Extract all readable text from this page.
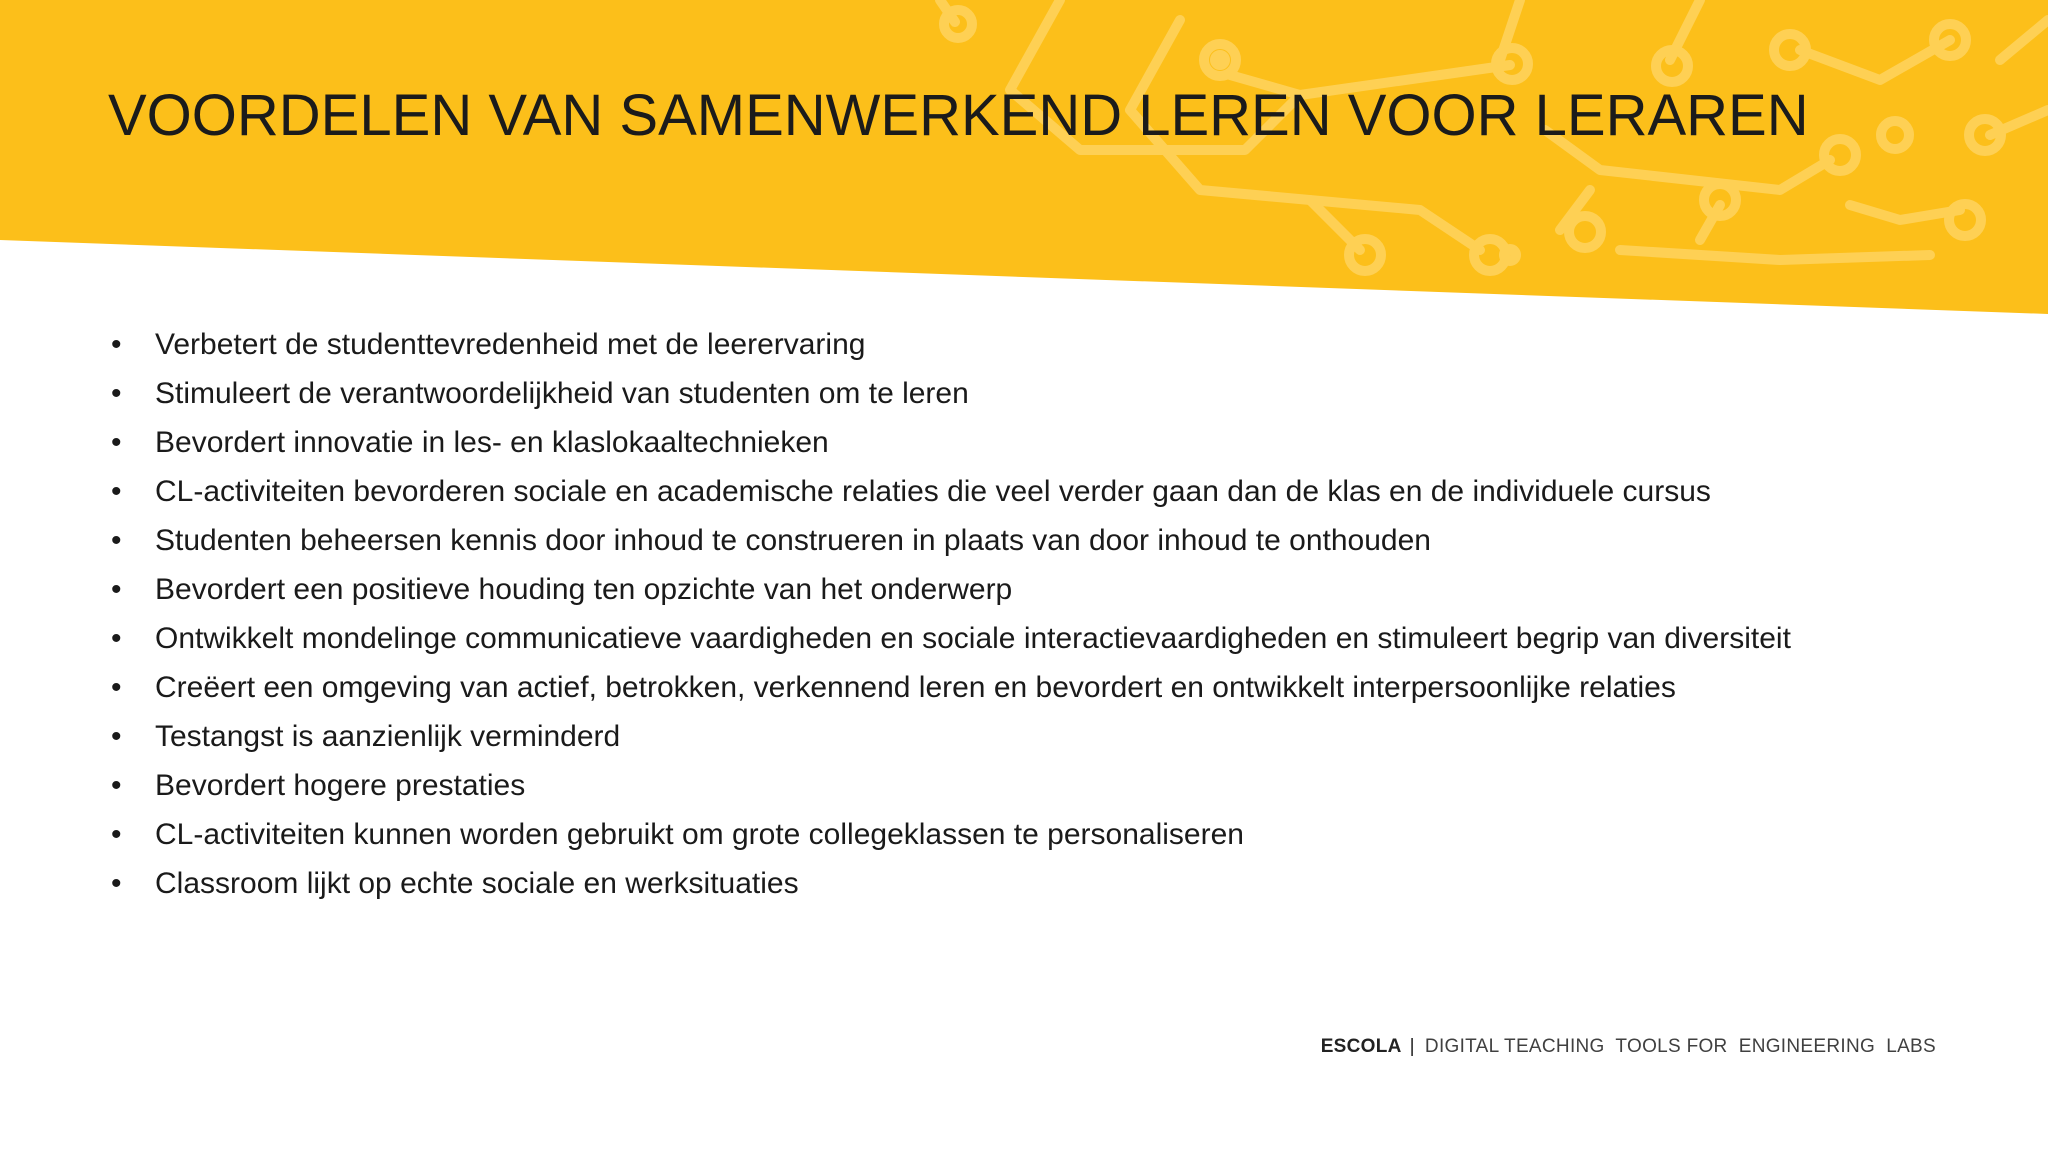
VOORDELEN VAN SAMENWERKEND LEREN VOOR LERAREN
• Verbetert de studenttevredenheid met de leerervaring
• Stimuleert de verantwoordelijkheid van studenten om te leren
• Bevordert innovatie in les- en klaslokaaltechnieken
• CL-activiteiten bevorderen sociale en academische relaties die veel verder gaan dan de klas en de individuele cursus
• Studenten beheersen kennis door inhoud te construeren in plaats van door inhoud te onthouden
• Bevordert een positieve houding ten opzichte van het onderwerp
• Ontwikkelt mondelinge communicatieve vaardigheden en sociale interactievaardigheden en stimuleert begrip van diversiteit
• Creëert een omgeving van actief, betrokken, verkennend leren en bevordert en ontwikkelt interpersoonlijke relaties
• Testangst is aanzienlijk verminderd
• Bevordert hogere prestaties
• CL-activiteiten kunnen worden gebruikt om grote collegeklassen te personaliseren
• Classroom lijkt op echte sociale en werksituaties
ESCOLA | DIGITAL TEACHING  TOOLS FOR  ENGINEERING  LABS
